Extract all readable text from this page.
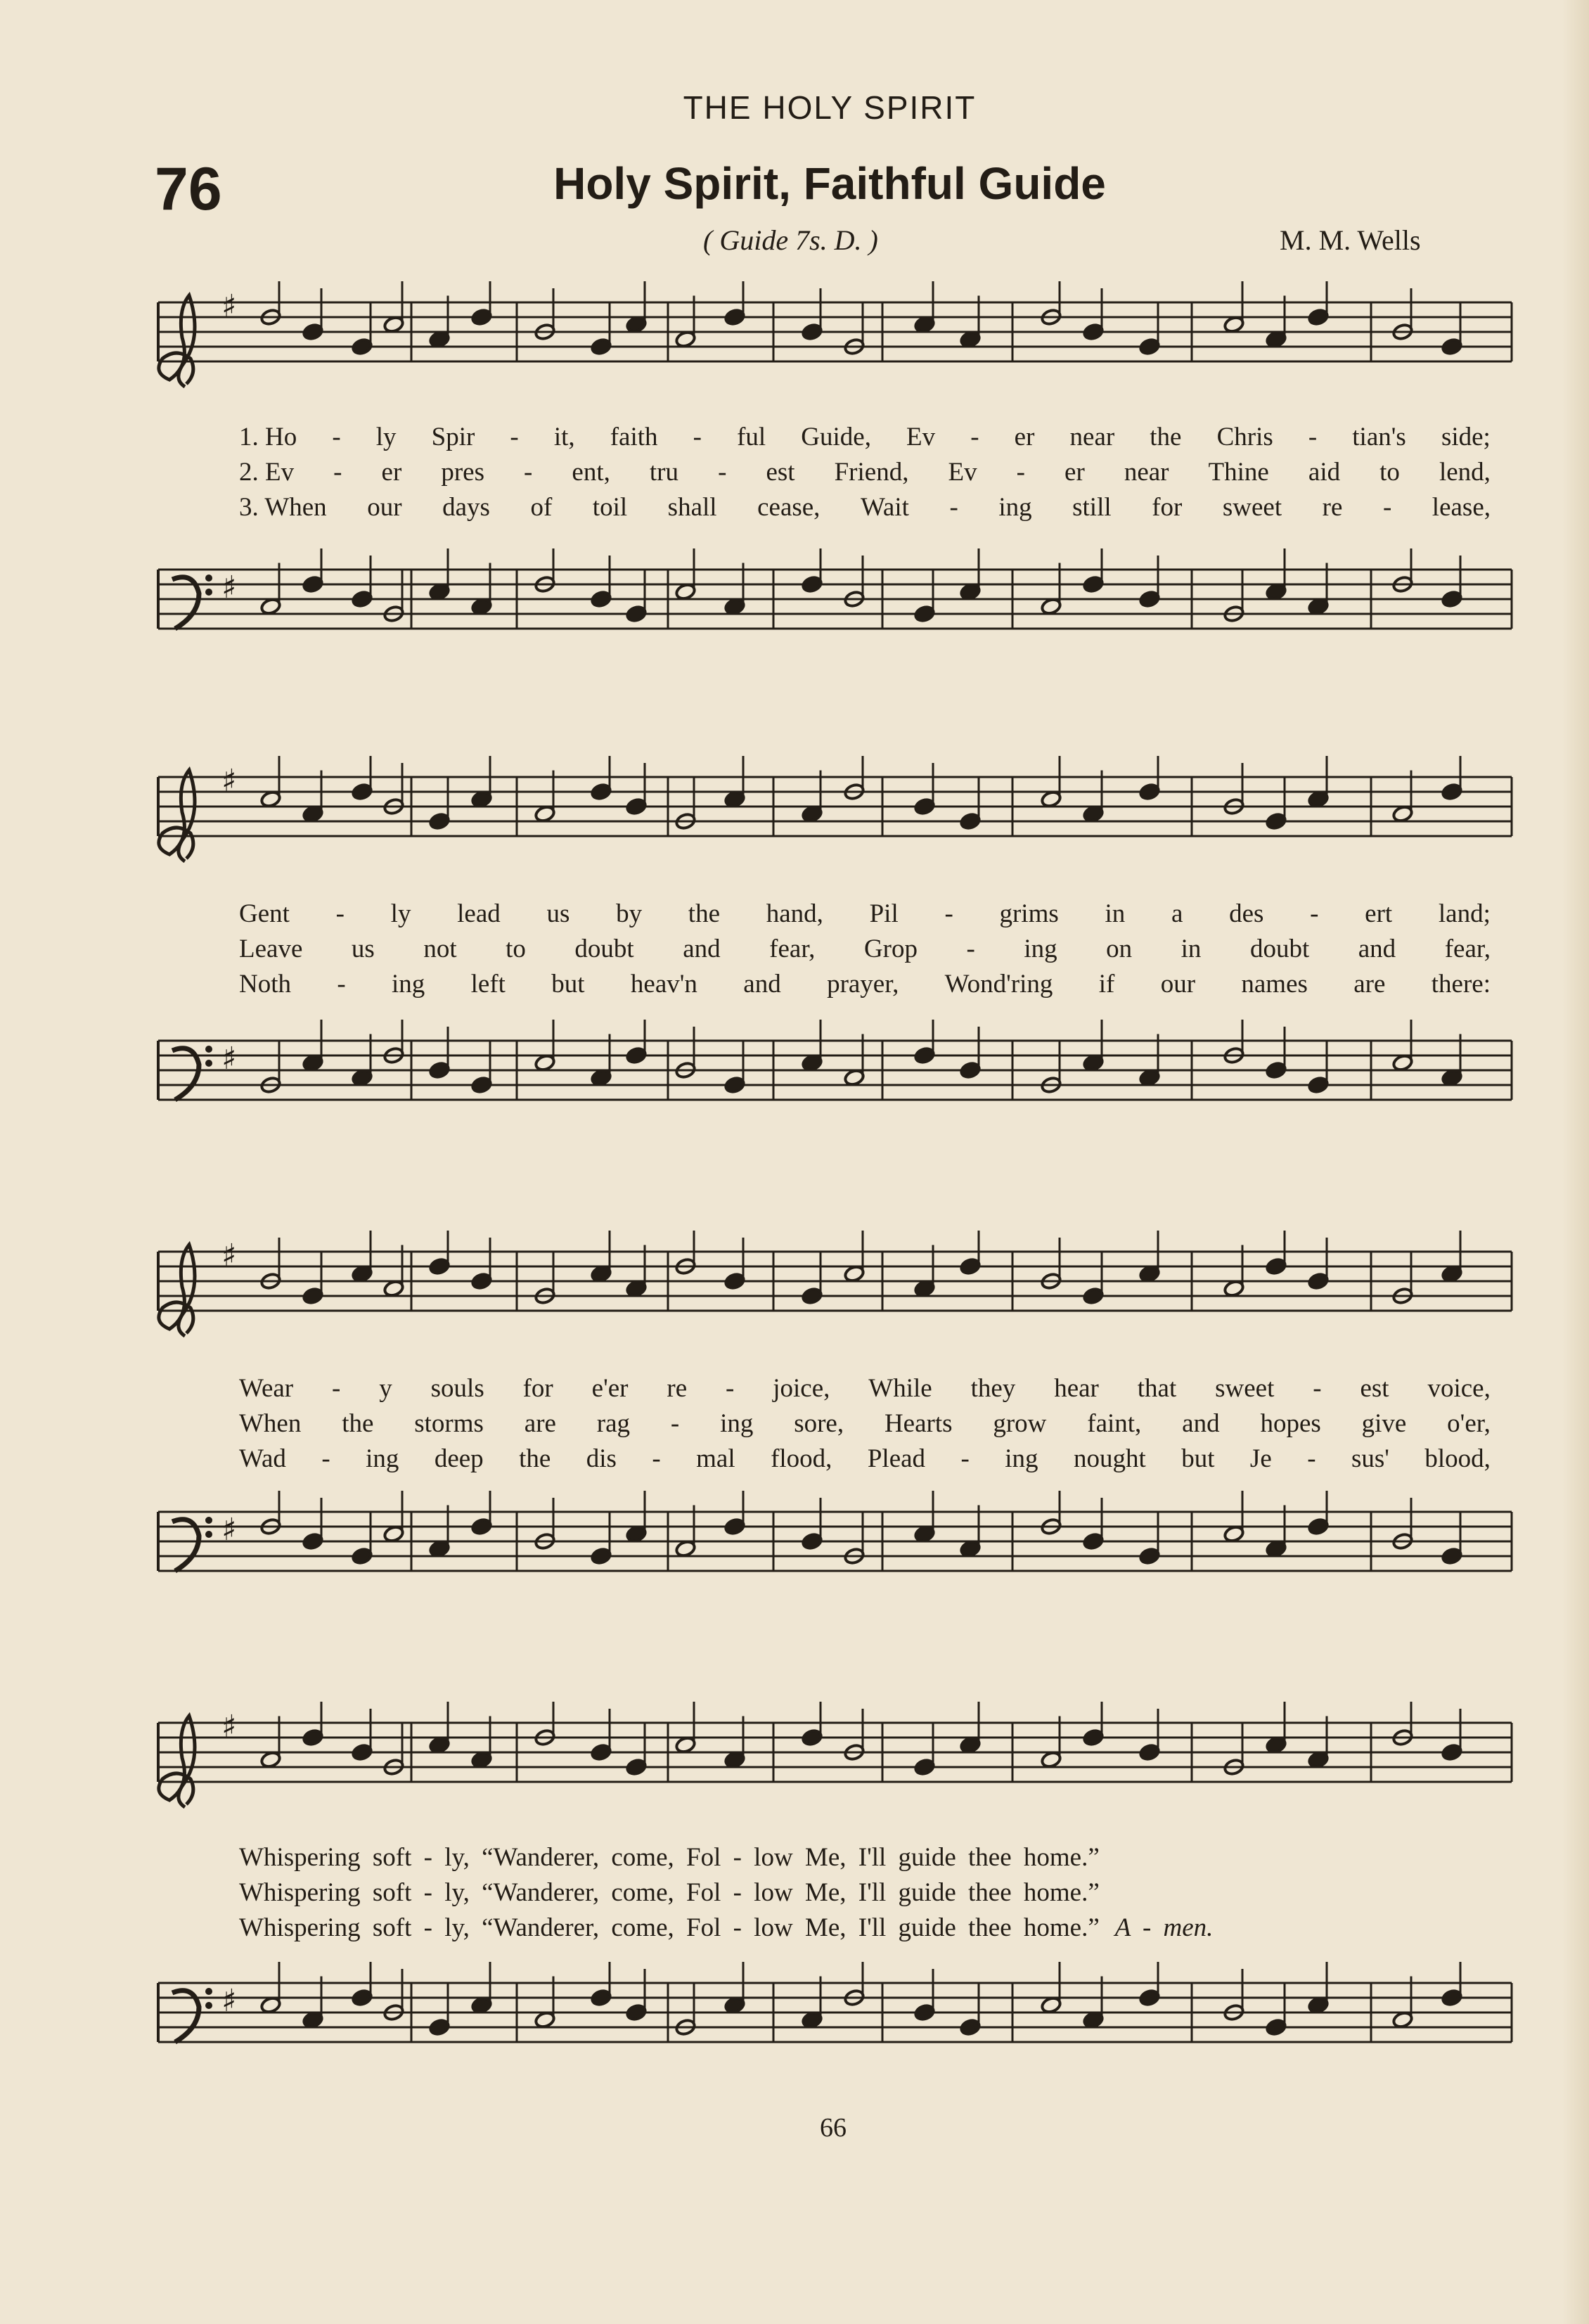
THE HOLY SPIRIT
76	Holy Spirit, Faithful Guide
( Guide 7s. D. )	M. M. Wells
♯
1. Ho - ly Spir - it, faith - ful Guide, Ev - er near the Chris - tian's side;
2. Ev - er pres - ent, tru - est Friend, Ev - er near Thine aid to lend,
3. When our days of toil shall cease, Wait - ing still for sweet re - lease,
♯
♯
Gent - ly lead us by the hand, Pil - grims in a des - ert land;
Leave us not to doubt and fear, Grop - ing on in doubt and fear,
Noth - ing left but heav'n and prayer, Wond'ring if our names are there:
♯
♯
Wear - y souls for e'er re - joice, While they hear that sweet - est voice,
When the storms are rag - ing sore, Hearts grow faint, and hopes give o'er,
Wad - ing deep the dis - mal flood, Plead - ing nought but Je - sus' blood,
♯
♯
Whispering soft - ly, “Wanderer, come, Fol - low Me, I'll guide thee home.”
Whispering soft - ly, “Wanderer, come, Fol - low Me, I'll guide thee home.”
Whispering soft - ly, “Wanderer, come, Fol - low Me, I'll guide thee home.” A - men.
♯
66
